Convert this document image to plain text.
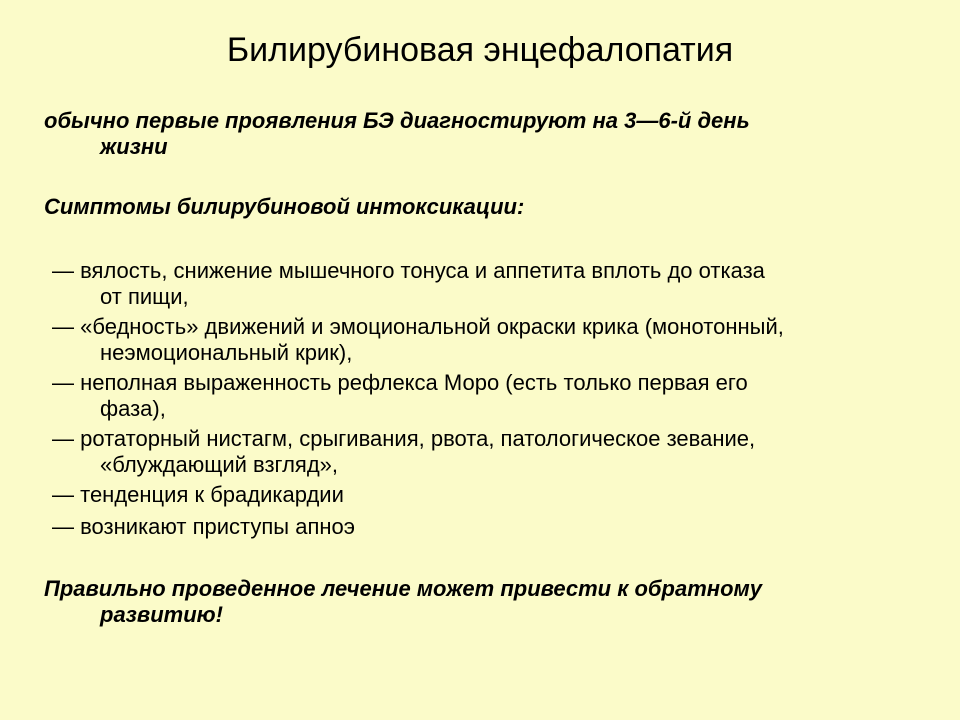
Билирубиновая энцефалопатия
обычно первые проявления БЭ диагностируют на 3—6-й день
жизни
Симптомы билирубиновой интоксикации:
— вялость, снижение мышечного тонуса и аппетита вплоть до отказа
от пищи,
— «бедность» движений и эмоциональной окраски крика (монотонный,
неэмоциональный крик),
— неполная выраженность рефлекса Моро (есть только первая его
фаза),
— ротаторный нистагм, срыгивания, рвота, патологическое зевание,
«блуждающий взгляд»,
— тенденция к брадикардии
— возникают приступы апноэ
Правильно проведенное лечение может привести к обратному
развитию!
